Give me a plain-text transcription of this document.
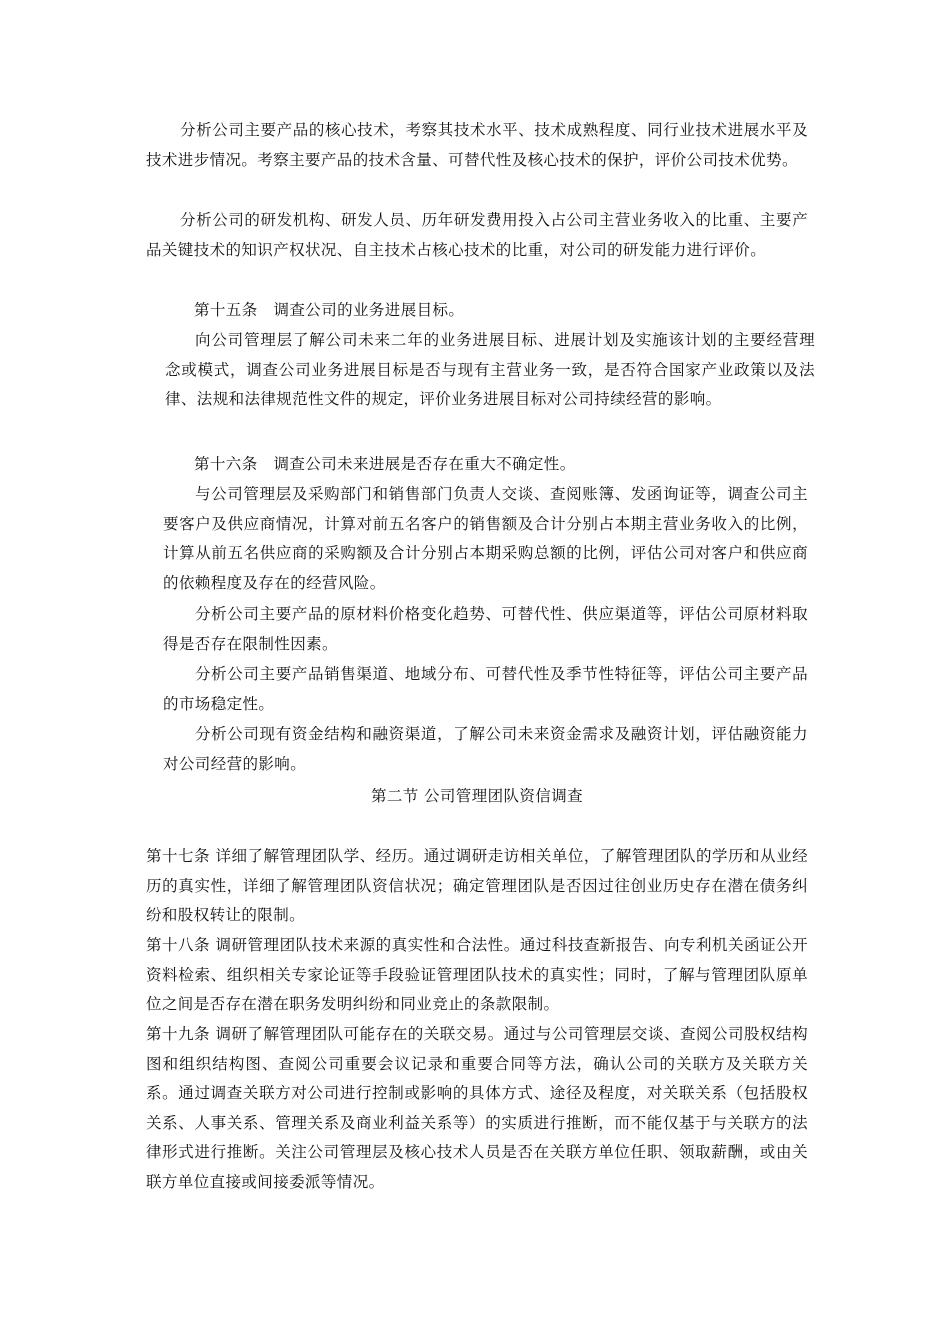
分析公司主要产品的核心技术，考察其技术水平、技术成熟程度、同行业技术进展水平及技术进步情况。考察主要产品的技术含量、可替代性及核心技术的保护，评价公司技术优势。

分析公司的研发机构、研发人员、历年研发费用投入占公司主营业务收入的比重、主要产品关键技术的知识产权状况、自主技术占核心技术的比重，对公司的研发能力进行评价。

第十五条　调查公司的业务进展目标。

向公司管理层了解公司未来二年的业务进展目标、进展计划及实施该计划的主要经营理念或模式，调查公司业务进展目标是否与现有主营业务一致，是否符合国家产业政策以及法律、法规和法律规范性文件的规定，评价业务进展目标对公司持续经营的影响。

第十六条　调查公司未来进展是否存在重大不确定性。

与公司管理层及采购部门和销售部门负责人交谈、查阅账簿、发函询证等，调查公司主要客户及供应商情况，计算对前五名客户的销售额及合计分别占本期主营业务收入的比例，计算从前五名供应商的采购额及合计分别占本期采购总额的比例，评估公司对客户和供应商的依赖程度及存在的经营风险。

分析公司主要产品的原材料价格变化趋势、可替代性、供应渠道等，评估公司原材料取得是否存在限制性因素。

分析公司主要产品销售渠道、地域分布、可替代性及季节性特征等，评估公司主要产品的市场稳定性。

分析公司现有资金结构和融资渠道，了解公司未来资金需求及融资计划，评估融资能力对公司经营的影响。

第二节 公司管理团队资信调查

第十七条 详细了解管理团队学、经历。通过调研走访相关单位，了解管理团队的学历和从业经历的真实性，详细了解管理团队资信状况；确定管理团队是否因过往创业历史存在潜在债务纠纷和股权转让的限制。

第十八条 调研管理团队技术来源的真实性和合法性。通过科技查新报告、向专利机关函证公开资料检索、组织相关专家论证等手段验证管理团队技术的真实性；同时，了解与管理团队原单位之间是否存在潜在职务发明纠纷和同业竞止的条款限制。

第十九条 调研了解管理团队可能存在的关联交易。通过与公司管理层交谈、查阅公司股权结构图和组织结构图、查阅公司重要会议记录和重要合同等方法，确认公司的关联方及关联方关系。通过调查关联方对公司进行控制或影响的具体方式、途径及程度，对关联关系（包括股权关系、人事关系、管理关系及商业利益关系等）的实质进行推断，而不能仅基于与关联方的法律形式进行推断。关注公司管理层及核心技术人员是否在关联方单位任职、领取薪酬，或由关联方单位直接或间接委派等情况。
